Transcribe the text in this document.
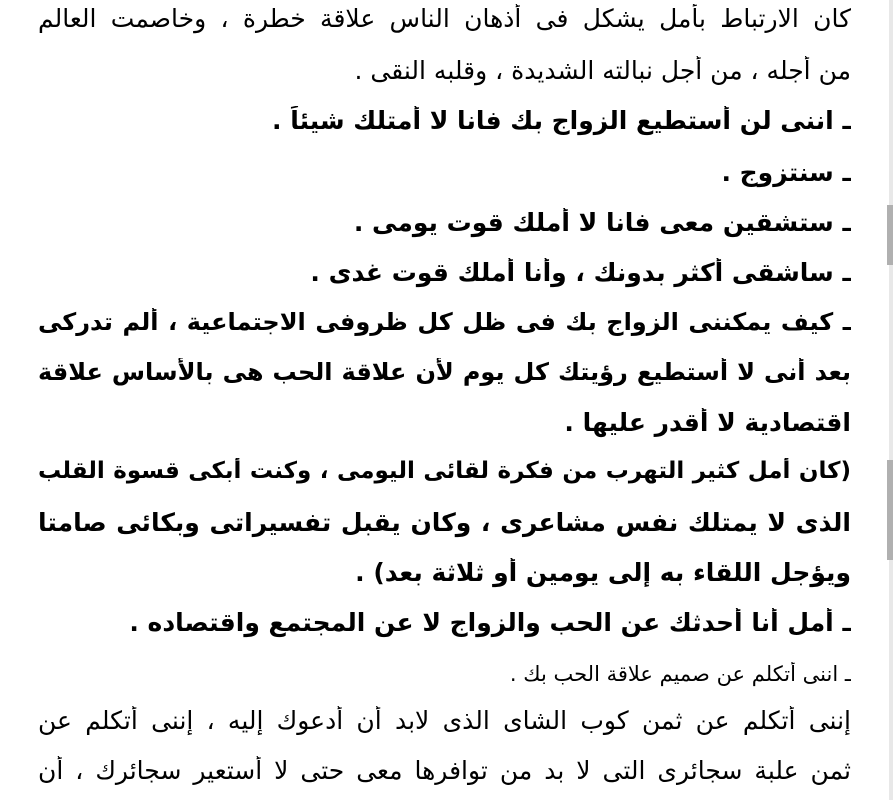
كان الارتباط بأمل يشكل فى أذهان الناس علاقة خطرة ، وخاصمت العالم
من أجله ، من أجل نبالته الشديدة ، وقلبه النقى .
ـ اننى لن أستطيع الزواج بك فانا لا أمتلك شيئاً .
ـ سنتزوج .
ـ ستشقين معى فانا لا أملك قوت يومى .
ـ ساشقى أكثر بدونك ، وأنا أملك قوت غدى .
ـ كيف يمكننى الزواج بك فى ظل كل ظروفى الاجتماعية ، ألم تدركى
بعد أنى لا أستطيع رؤيتك كل يوم لأن علاقة الحب هى بالأساس علاقة
اقتصادية لا أقدر عليها .
(كان أمل كثير التهرب من فكرة لقائى اليومى ، وكنت أبكى قسوة القلب
الذى لا يمتلك نفس مشاعرى ، وكان يقبل تفسيراتى وبكائى صامتا
ويؤجل اللقاء به إلى يومين أو ثلاثة بعد) .
ـ أمل أنا أحدثك عن الحب والزواج لا عن المجتمع واقتصاده .
ـ اننى أتكلم عن صميم علاقة الحب بك .
إننى أتكلم عن ثمن كوب الشاى الذى لابد أن أدعوك إليه ، إننى أتكلم عن
ثمن علبة سجائرى التى لا بد من توافرها معى حتى لا أستعير سجائرك ، أن
